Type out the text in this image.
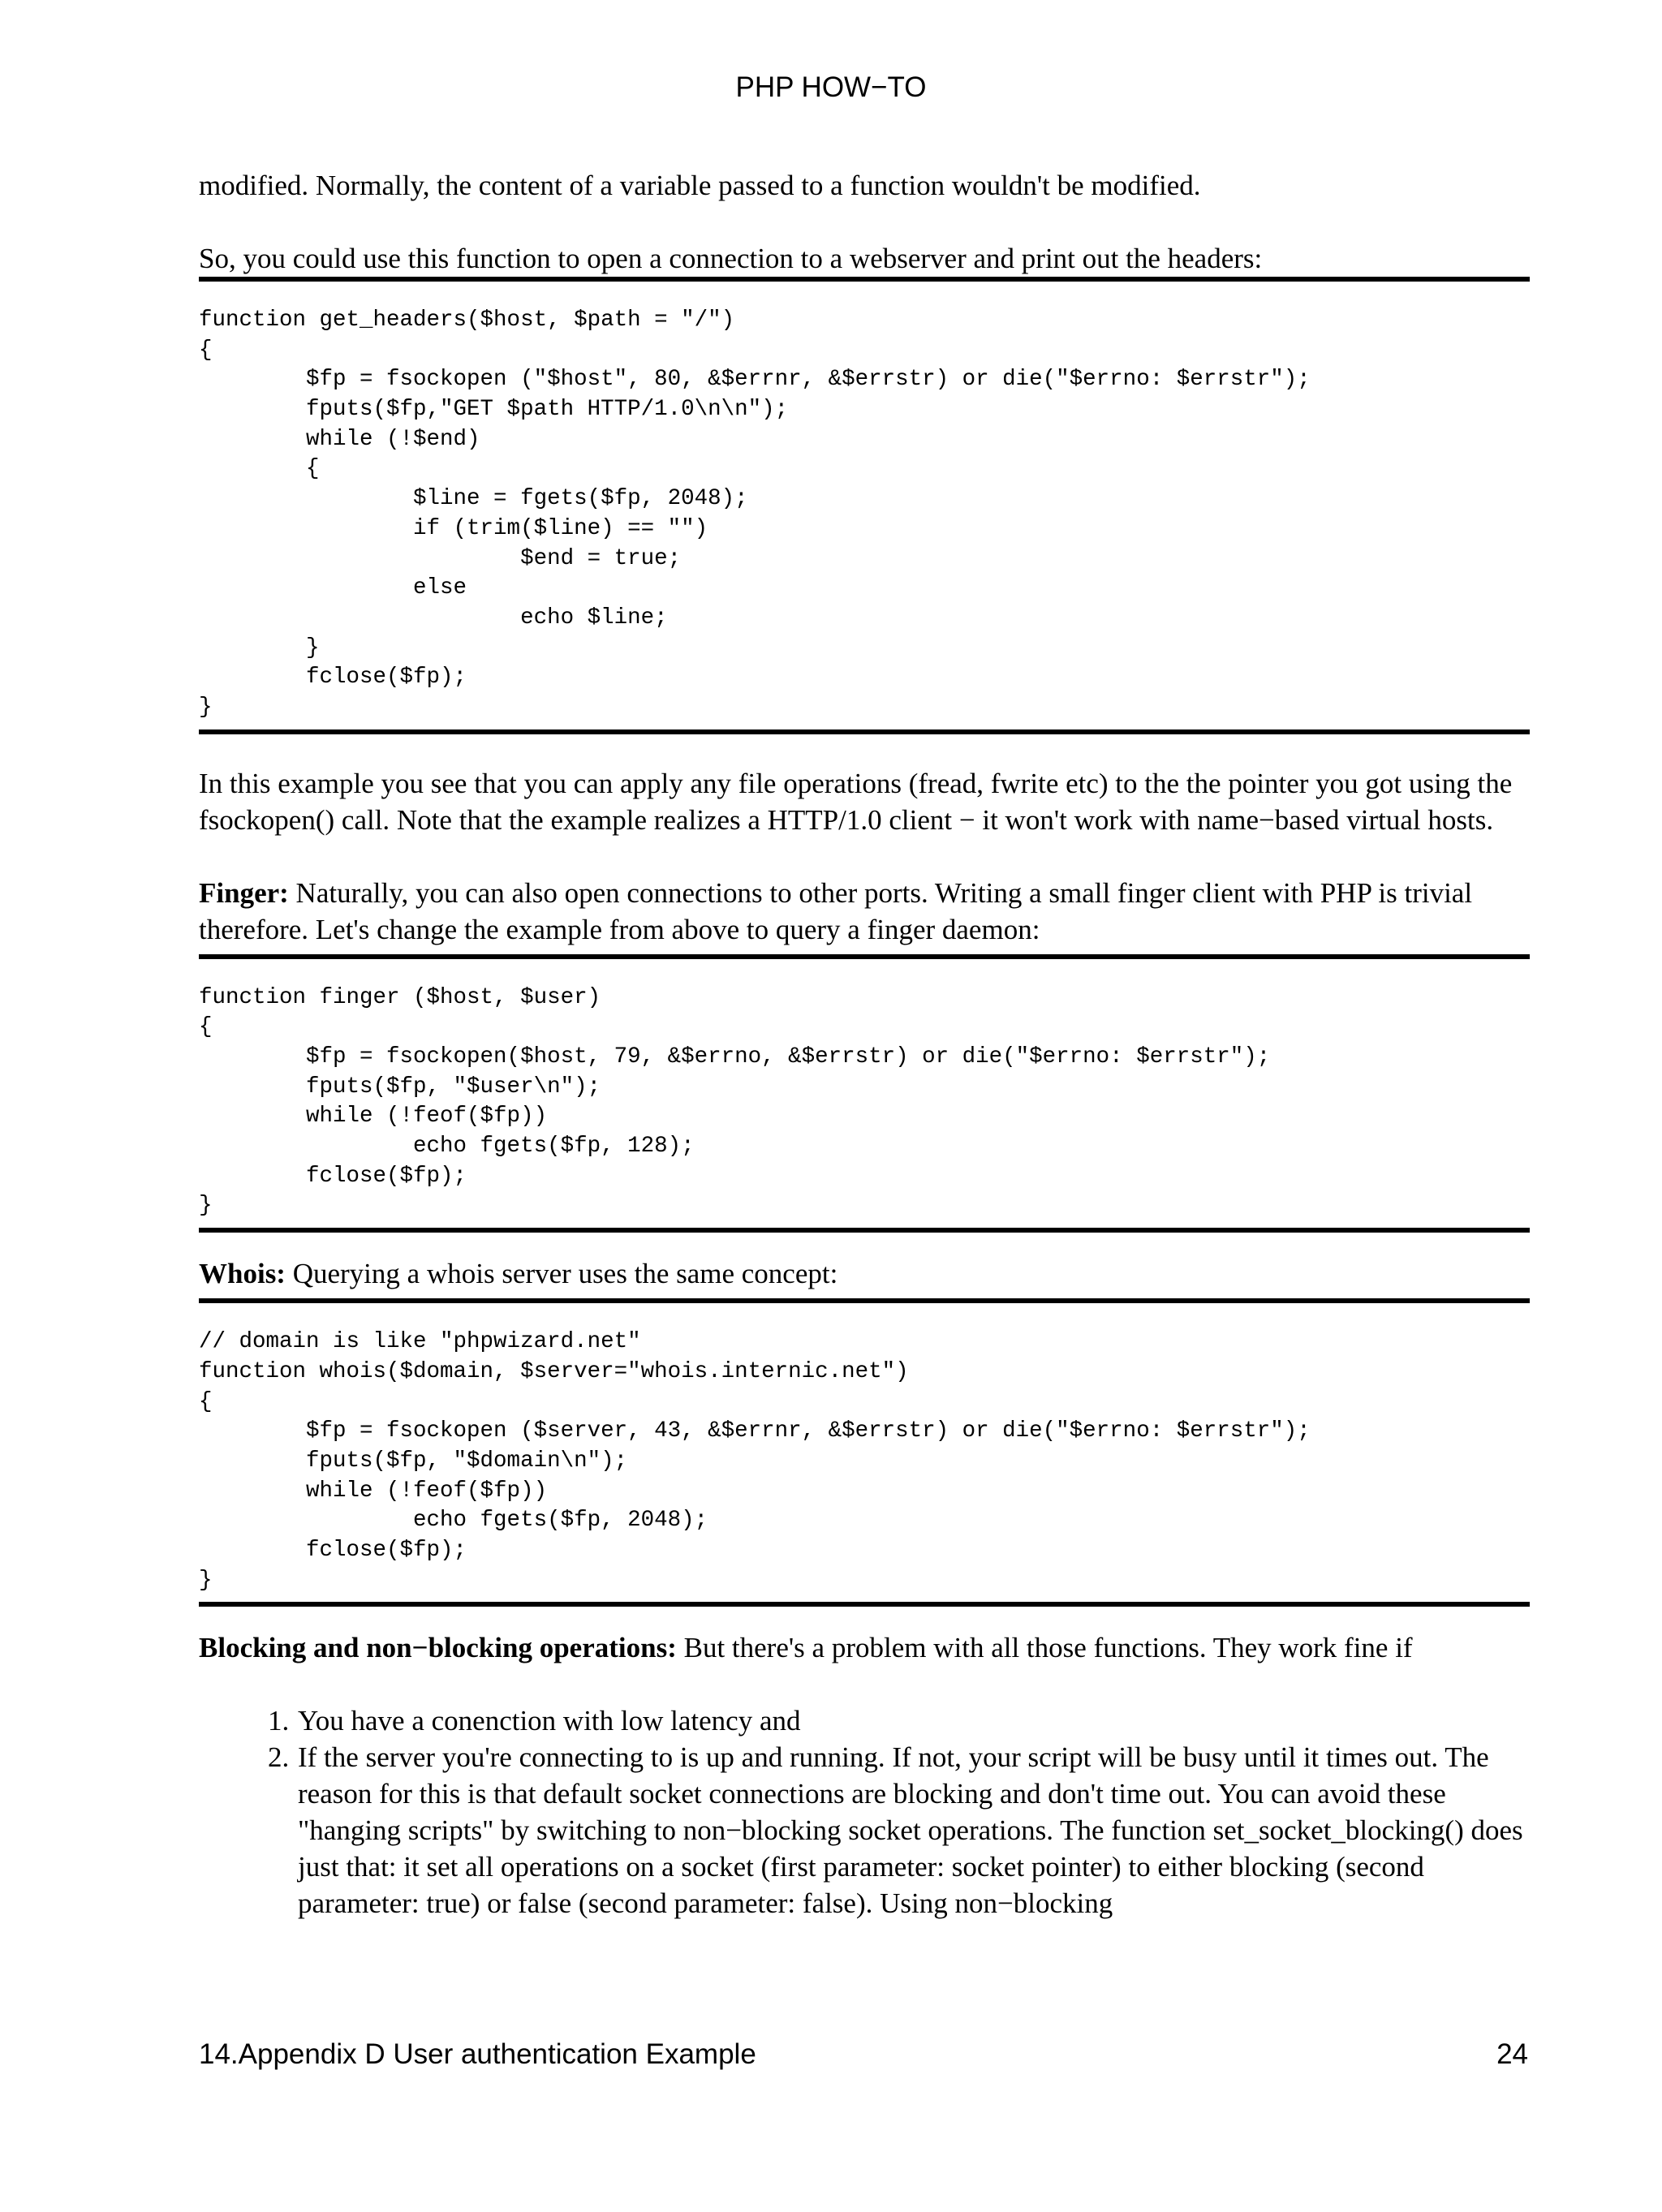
PHP HOW−TO

modified. Normally, the content of a variable passed to a function wouldn't be modified.

So, you could use this function to open a connection to a webserver and print out the headers:

function get_headers($host, $path = "/")
{
$fp = fsockopen ("$host", 80, &$errnr, &$errstr) or die("$errno: $errstr");
fputs($fp,"GET $path HTTP/1.0\n\n");
while (!$end)
{
$line = fgets($fp, 2048);
if (trim($line) == "")
$end = true;
else
echo $line;
}
fclose($fp);
}

In this example you see that you can apply any file operations (fread, fwrite etc) to the the pointer you got using the fsockopen() call. Note that the example realizes a HTTP/1.0 client − it won't work with name−based virtual hosts.

Finger: Naturally, you can also open connections to other ports. Writing a small finger client with PHP is trivial therefore. Let's change the example from above to query a finger daemon:

function finger ($host, $user)
{
$fp = fsockopen($host, 79, &$errno, &$errstr) or die("$errno: $errstr");
fputs($fp, "$user\n");
while (!feof($fp))
echo fgets($fp, 128);
fclose($fp);
}

Whois: Querying a whois server uses the same concept:

// domain is like "phpwizard.net"
function whois($domain, $server="whois.internic.net")
{
$fp = fsockopen ($server, 43, &$errnr, &$errstr) or die("$errno: $errstr");
fputs($fp, "$domain\n");
while (!feof($fp))
echo fgets($fp, 2048);
fclose($fp);
}

Blocking and non−blocking operations: But there's a problem with all those functions. They work fine if

1. You have a conenction with low latency and
2. If the server you're connecting to is up and running. If not, your script will be busy until it times out. The reason for this is that default socket connections are blocking and don't time out. You can avoid these "hanging scripts" by switching to non−blocking socket operations. The function set_socket_blocking() does just that: it set all operations on a socket (first parameter: socket pointer) to either blocking (second parameter: true) or false (second parameter: false). Using non−blocking
14.Appendix D User authentication Example	24
